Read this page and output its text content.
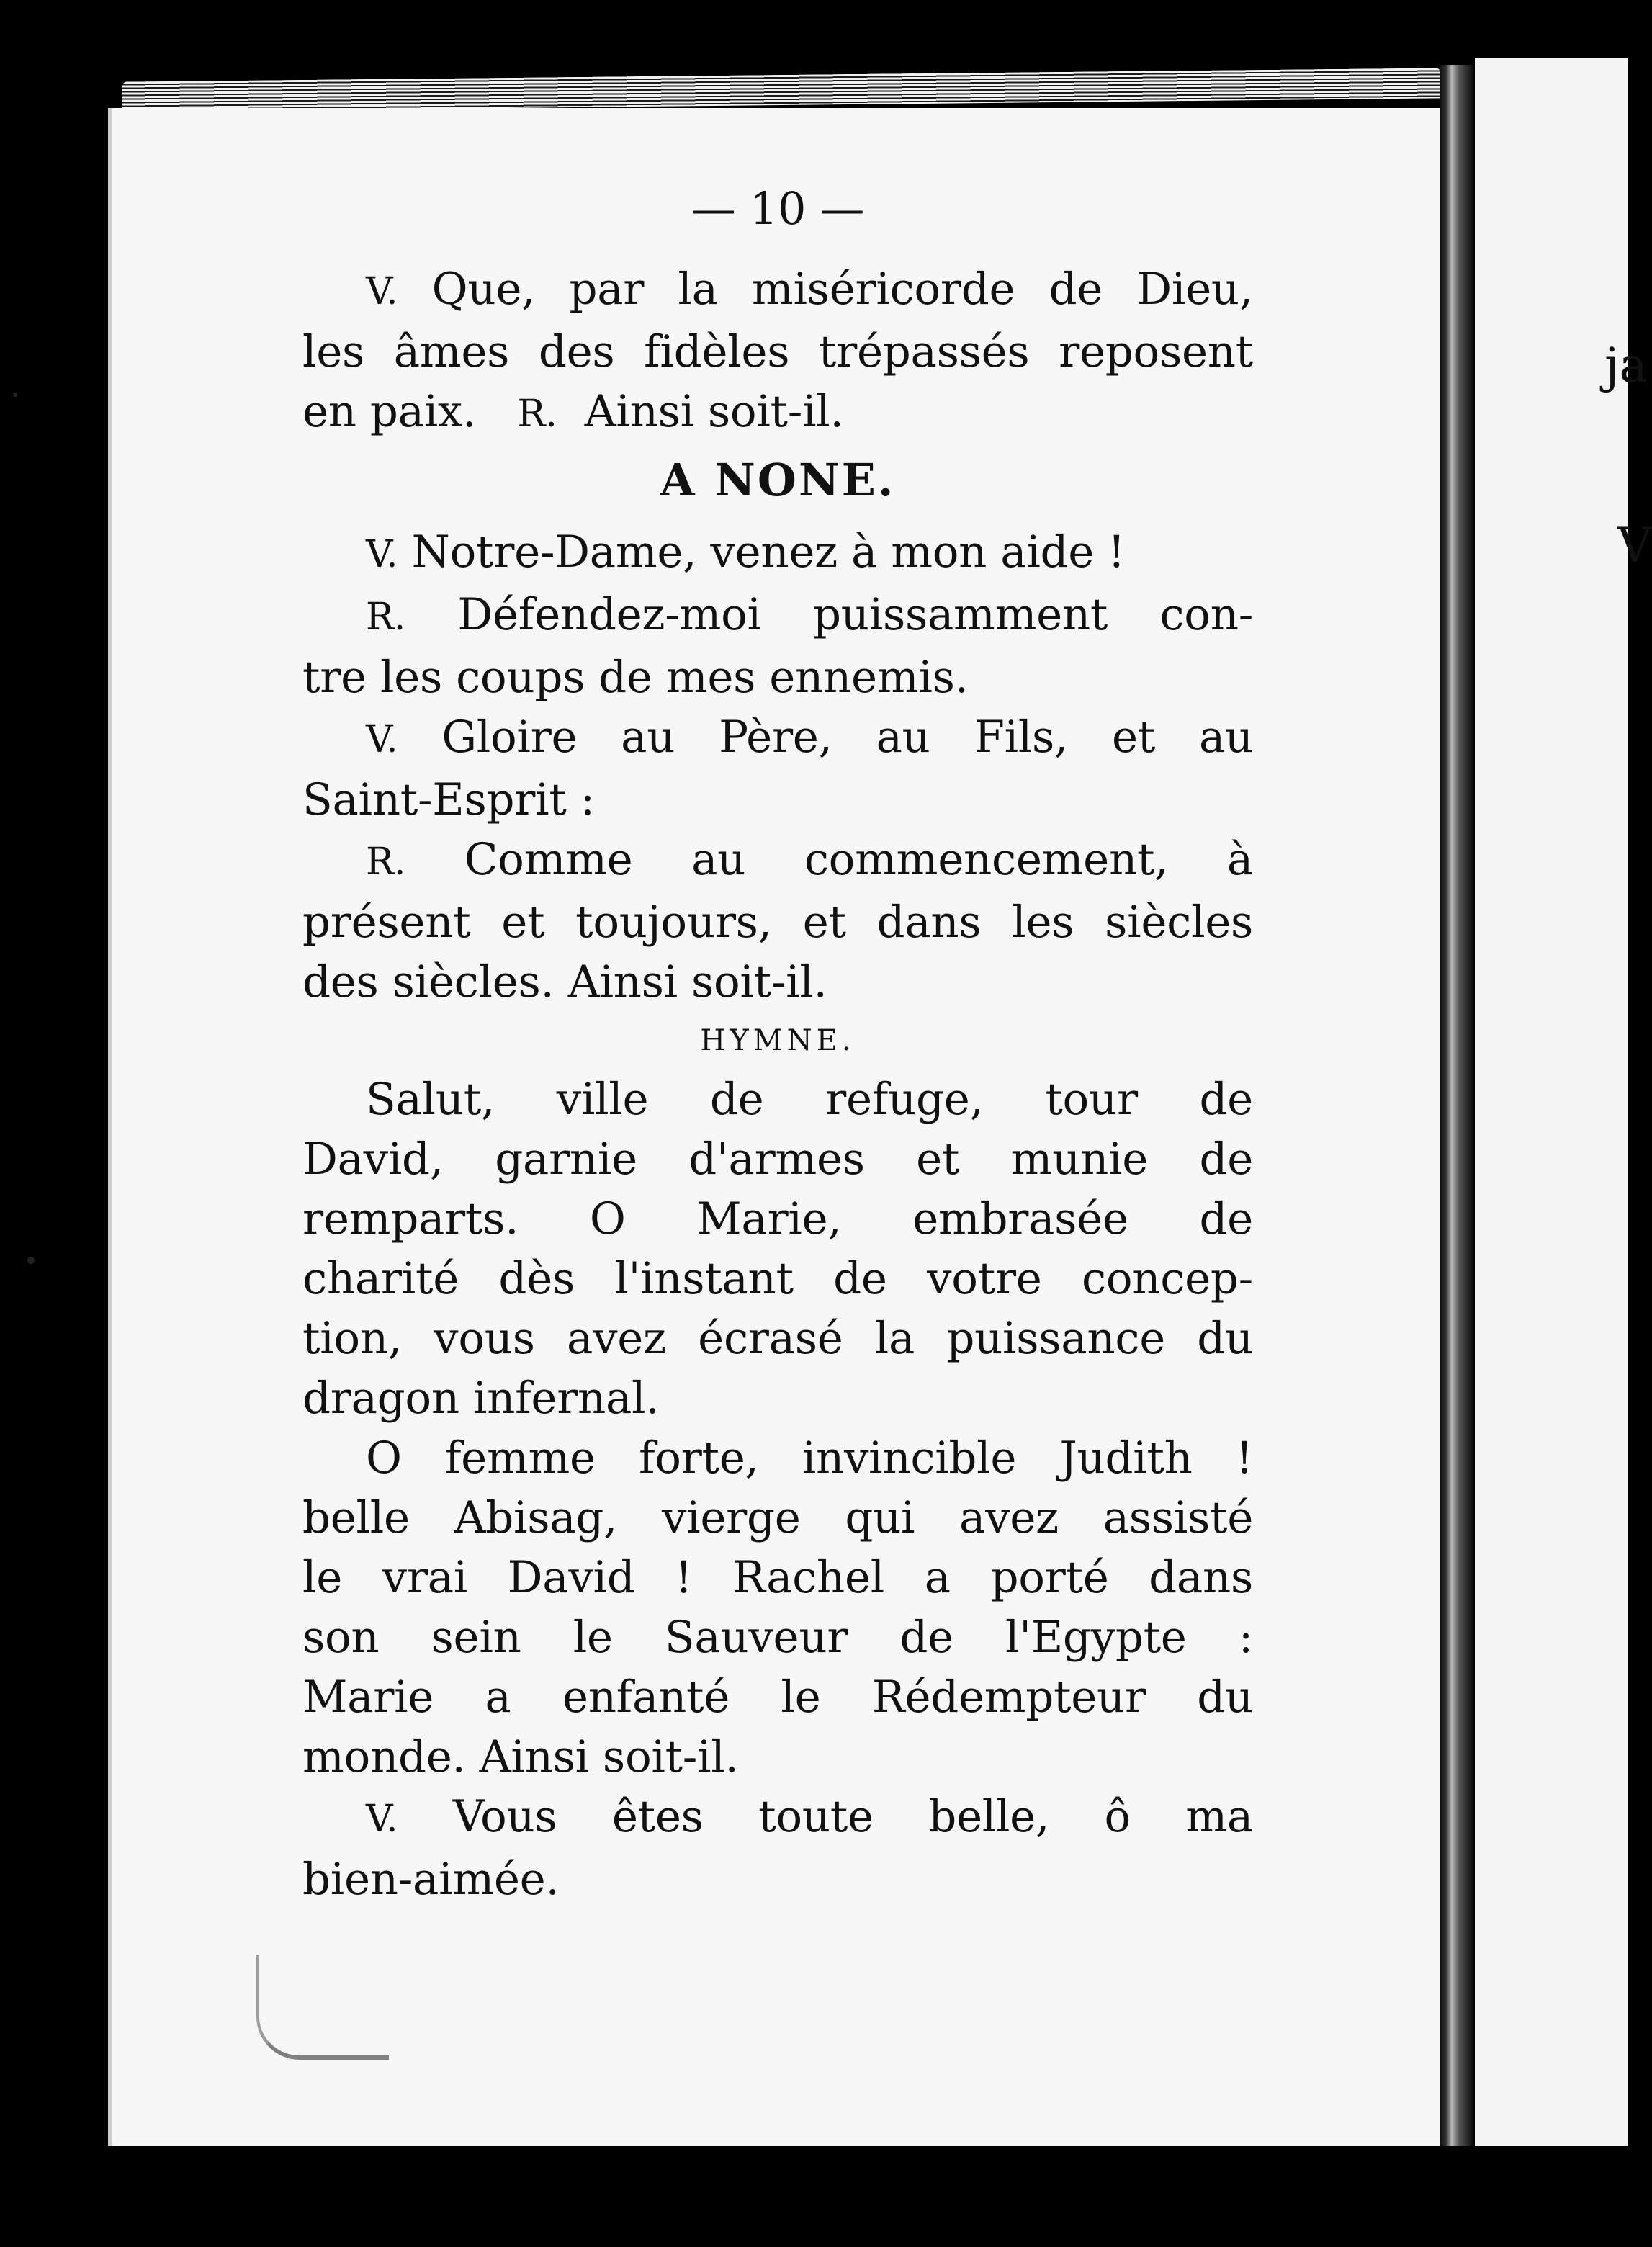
ja
V
— 10 —
V. Que, par la miséricorde de Dieu,
les âmes des fidèles trépassés reposent
en paix. R. Ainsi soit-il.
A NONE.
V. Notre-Dame, venez à mon aide !
R. Défendez-moi puissamment con-
tre les coups de mes ennemis.
V. Gloire au Père, au Fils, et au
Saint-Esprit :
R. Comme au commencement, à
présent et toujours, et dans les siècles
des siècles. Ainsi soit-il.
HYMNE.
Salut, ville de refuge, tour de
David, garnie d'armes et munie de
remparts. O Marie, embrasée de
charité dès l'instant de votre concep-
tion, vous avez écrasé la puissance du
dragon infernal.
O femme forte, invincible Judith !
belle Abisag, vierge qui avez assisté
le vrai David ! Rachel a porté dans
son sein le Sauveur de l'Egypte :
Marie a enfanté le Rédempteur du
monde. Ainsi soit-il.
V. Vous êtes toute belle, ô ma
bien-aimée.
